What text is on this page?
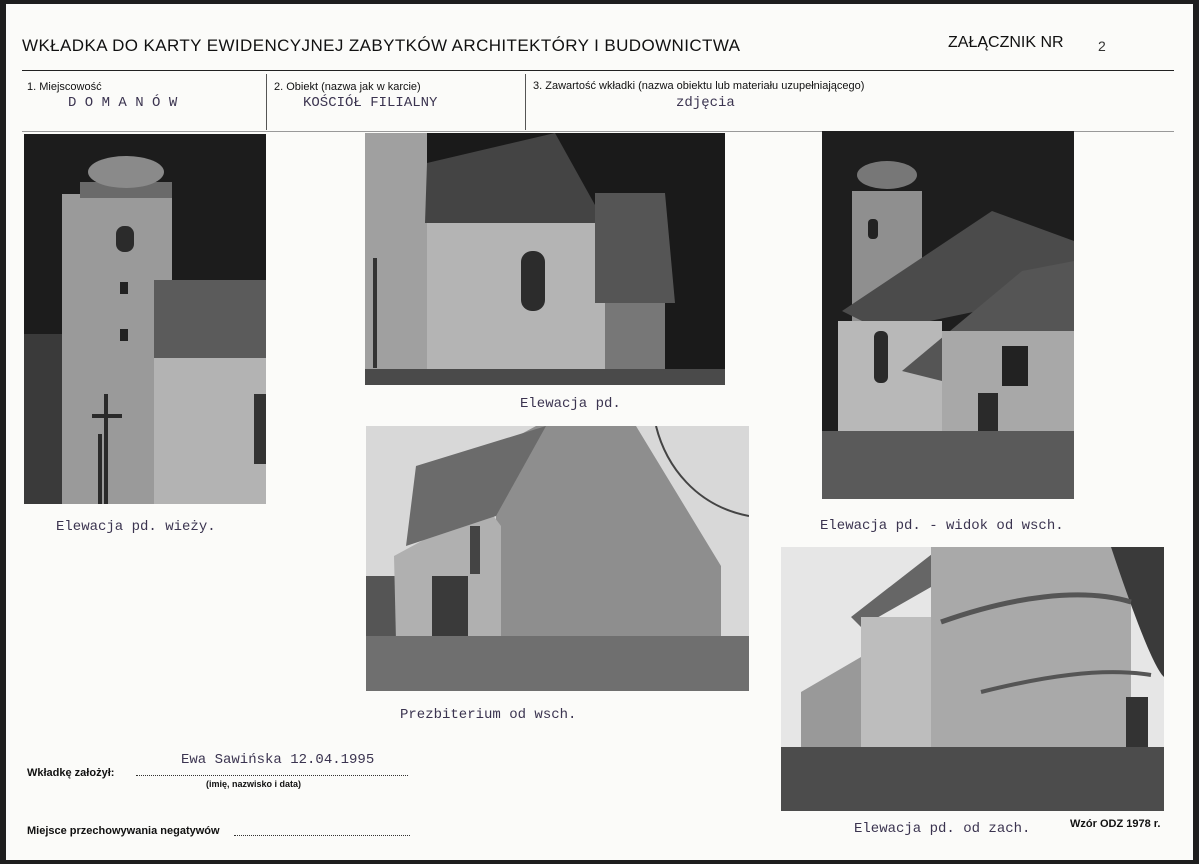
WKŁADKA DO KARTY EWIDENCYJNEJ ZABYTKÓW ARCHITEKTÓRY I BUDOWNICTWA	ZAŁĄCZNIK NR 2
1. Miejscowość
D O M A N Ó W
2. Obiekt (nazwa jak w karcie)
KOŚCIÓŁ FILIALNY
3. Zawartość wkładki (nazwa obiektu lub materiału uzupełniającego)
zdjęcia
Elewacja pd. wieży.
Elewacja pd.
Elewacja pd. - widok od wsch.
Prezbiterium od wsch.
Elewacja pd. od zach.
Wkładkę założył:
Ewa Sawińska 12.04.1995
(imię, nazwisko i data)
Miejsce przechowywania negatywów
Wzór ODZ 1978 r.
